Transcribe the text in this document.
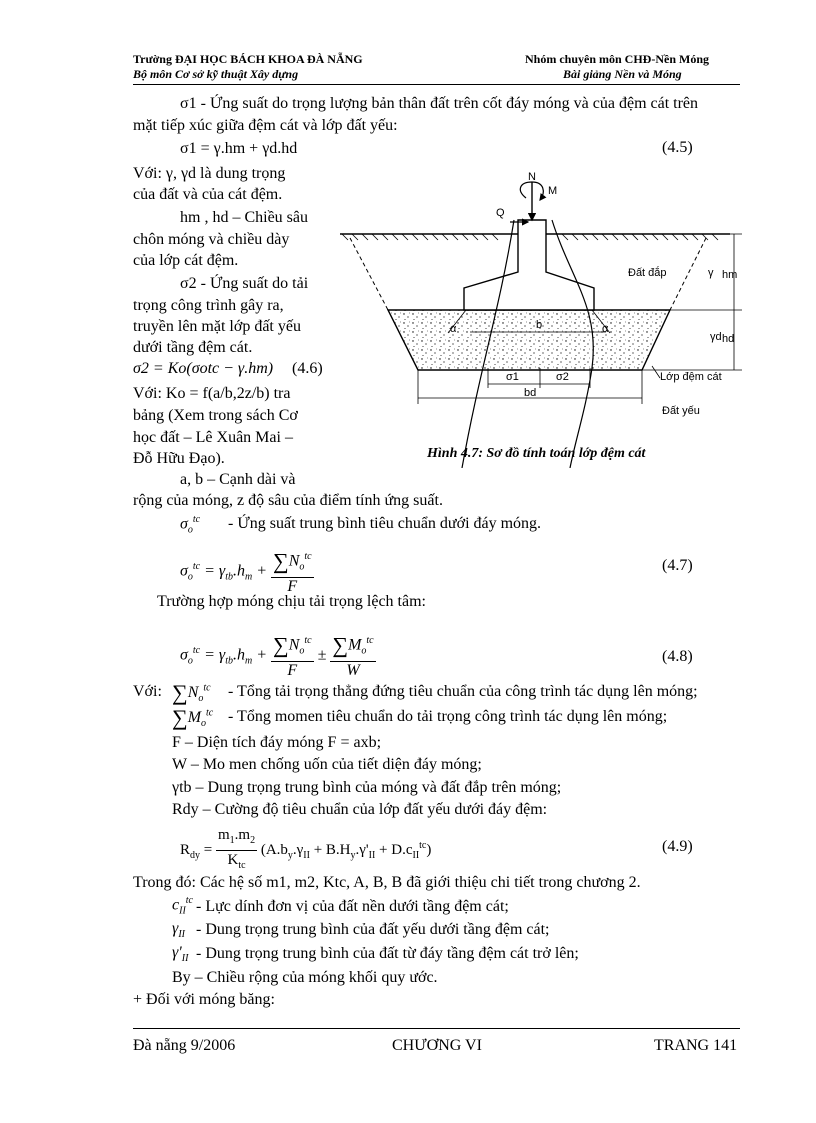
Trường ĐẠI HỌC BÁCH KHOA ĐÀ NẴNG
Bộ môn Cơ sở kỹ thuật Xây dựng
Nhóm chuyên môn CHĐ-Nền Móng
Bài giảng Nền và Móng
σ1 - Ứng suất do trọng lượng bản thân đất trên cốt đáy móng và của đệm cát trên
mặt tiếp xúc giữa đệm cát và lớp đất yếu:
σ1 = γ.hm + γd.hd	(4.5)
Với: γ, γd là dung trọng
của đất và của cát đệm.
hm , hd – Chiều sâu
chôn móng và chiều dày
của lớp cát đệm.
σ2 - Ứng suất do tải
trọng công trình gây ra,
truyền lên mặt lớp đất yếu
dưới tầng đệm cát.
σ2 = Ko(σotc − γ.hm) (4.6)
Với: Ko = f(a/b,2z/b) tra
bảng (Xem trong sách Cơ
học đất – Lê Xuân Mai –
Đỗ Hữu Đạo).
a, b – Cạnh dài và
rộng của móng, z độ sâu của điểm tính ứng suất.
N
M
Q
Đất đắp	γ hm
γd hd
Lớp đệm cát
Đất yếu
σ1	σ2
b
bd
α	α
Hình 4.7: Sơ đồ tính toán lớp đệm cát
$\sigma_o^{tc}$ - Ứng suất trung bình tiêu chuẩn dưới đáy móng.
$\sigma_o^{tc} = \gamma_{tb}.h_m + \frac{\sum N_o^{tc}}{F}$	(4.7)
Trường hợp móng chịu tải trọng lệch tâm:
$\sigma_o^{tc} = \gamma_{tb}.h_m + \frac{\sum N_o^{tc}}{F} \pm \frac{\sum M_o^{tc}}{W}$	(4.8)
Với: $\sum N_o^{tc}$ - Tổng tải trọng thẳng đứng tiêu chuẩn của công trình tác dụng lên móng;
$\sum M_o^{tc}$ - Tổng momen tiêu chuẩn do tải trọng công trình tác dụng lên móng;
F – Diện tích đáy móng F = axb;
W – Mo men chống uốn của tiết diện đáy móng;
γtb – Dung trọng trung bình của móng và đất đắp trên móng;
Rdy – Cường độ tiêu chuẩn của lớp đất yếu dưới đáy đệm:
$R_{dy} = \frac{m_1.m_2}{K_{tc}} (A.b_y.\gamma_{II} + B.H_y.\gamma'_{II} + D.c_{II}^{tc})$	(4.9)
Trong đó: Các hệ số m1, m2, Ktc, A, B, B đã giới thiệu chi tiết trong chương 2.
$c_{II}^{tc}$ - Lực dính đơn vị của đất nền dưới tầng đệm cát;
$\gamma_{II}$ - Dung trọng trung bình của đất yếu dưới tầng đệm cát;
$\gamma'_{II}$ - Dung trọng trung bình của đất từ đáy tầng đệm cát trở lên;
By – Chiều rộng của móng khối quy ước.
+ Đối với móng băng:
Đà nẵng 9/2006	CHƯƠNG VI	TRANG 141
